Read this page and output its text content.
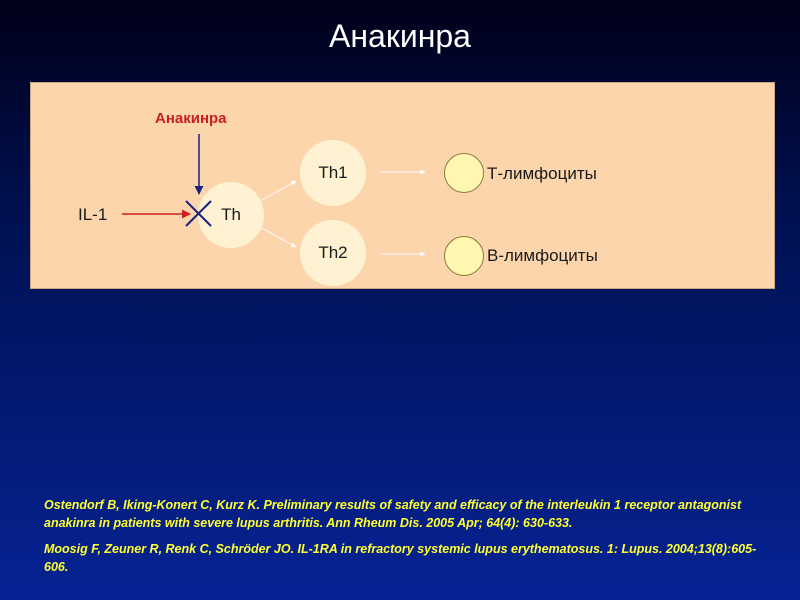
Анакинра
Th
Th1
Th2
IL-1
Т-лимфоциты
В-лимфоциты
Анакинра

Ostendorf B, Iking-Konert C, Kurz K. Preliminary results of safety and efficacy of the interleukin 1 receptor antagonist anakinra in patients with severe lupus arthritis. Ann Rheum Dis. 2005 Apr; 64(4): 630-633.

Moosig F, Zeuner R, Renk C, Schröder JO. IL-1RA in refractory systemic lupus erythematosus. 1: Lupus. 2004;13(8):605-606.
